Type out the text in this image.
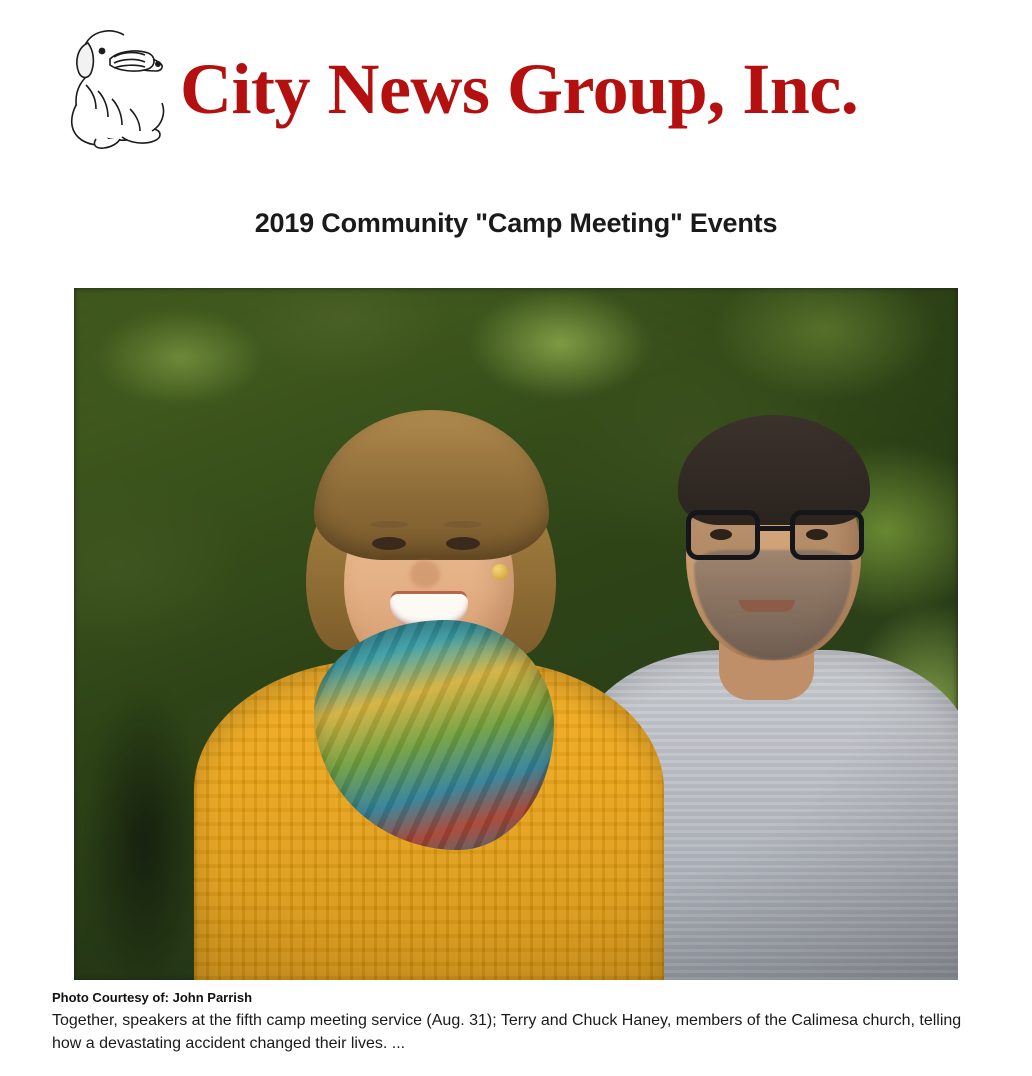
City News Group, Inc.
2019 Community "Camp Meeting" Events
Photo Courtesy of: John Parrish

Together, speakers at the fifth camp meeting service (Aug. 31); Terry and Chuck Haney, members of the Calimesa church, telling how a devastating accident changed their lives. ...
